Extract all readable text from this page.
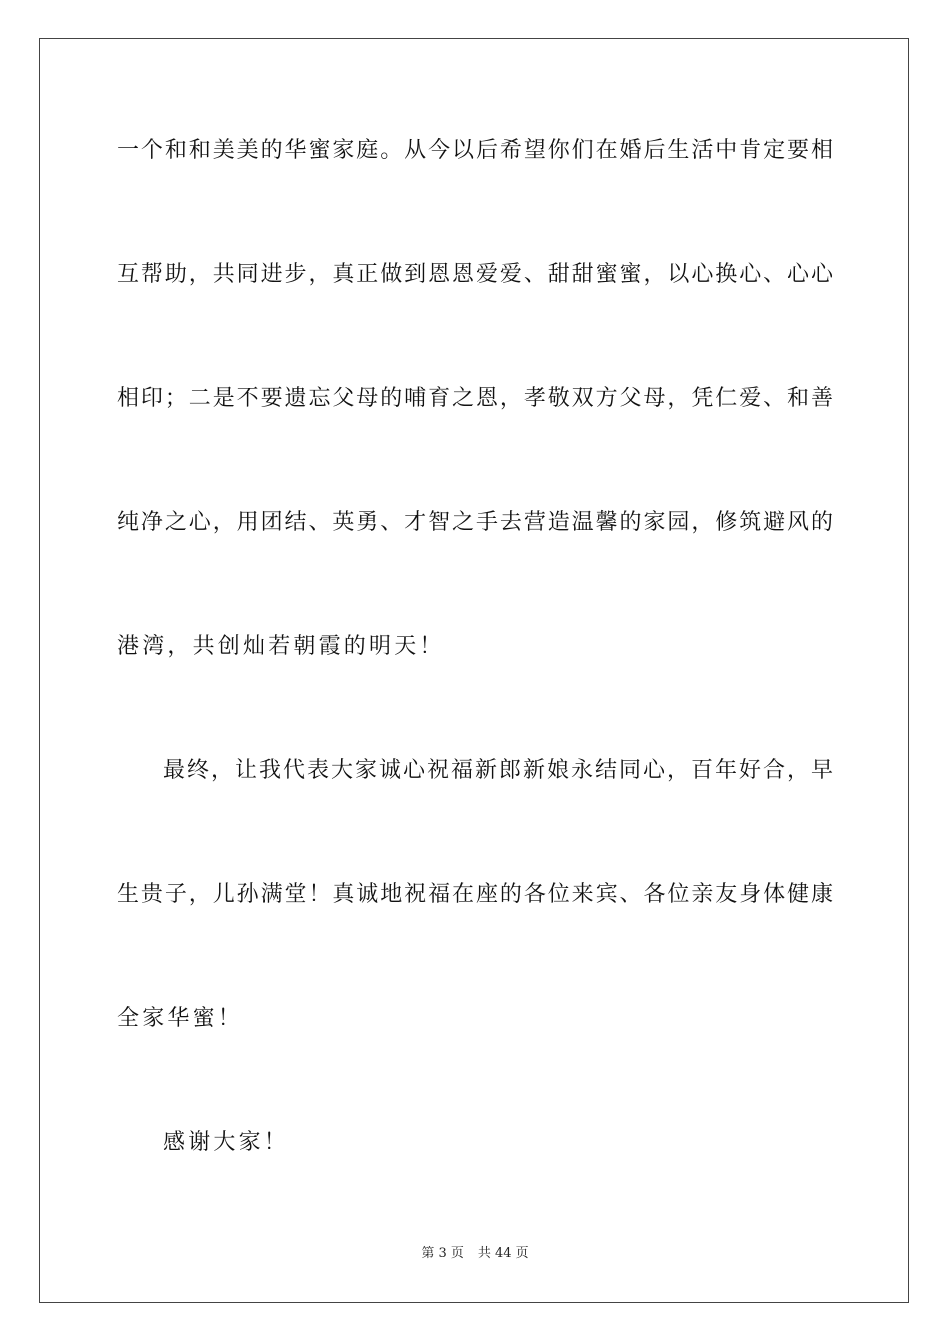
一个和和美美的华蜜家庭。从今以后希望你们在婚后生活中肯定要相
互帮助，共同进步，真正做到恩恩爱爱、甜甜蜜蜜，以心换心、心心
相印；二是不要遗忘父母的哺育之恩，孝敬双方父母，凭仁爱、和善
纯净之心，用团结、英勇、才智之手去营造温馨的家园，修筑避风的
港湾，共创灿若朝霞的明天！
最终，让我代表大家诚心祝福新郎新娘永结同心，百年好合，早
生贵子，儿孙满堂！真诚地祝福在座的各位来宾、各位亲友身体健康
全家华蜜！
感谢大家！
第 3 页 共 44 页
